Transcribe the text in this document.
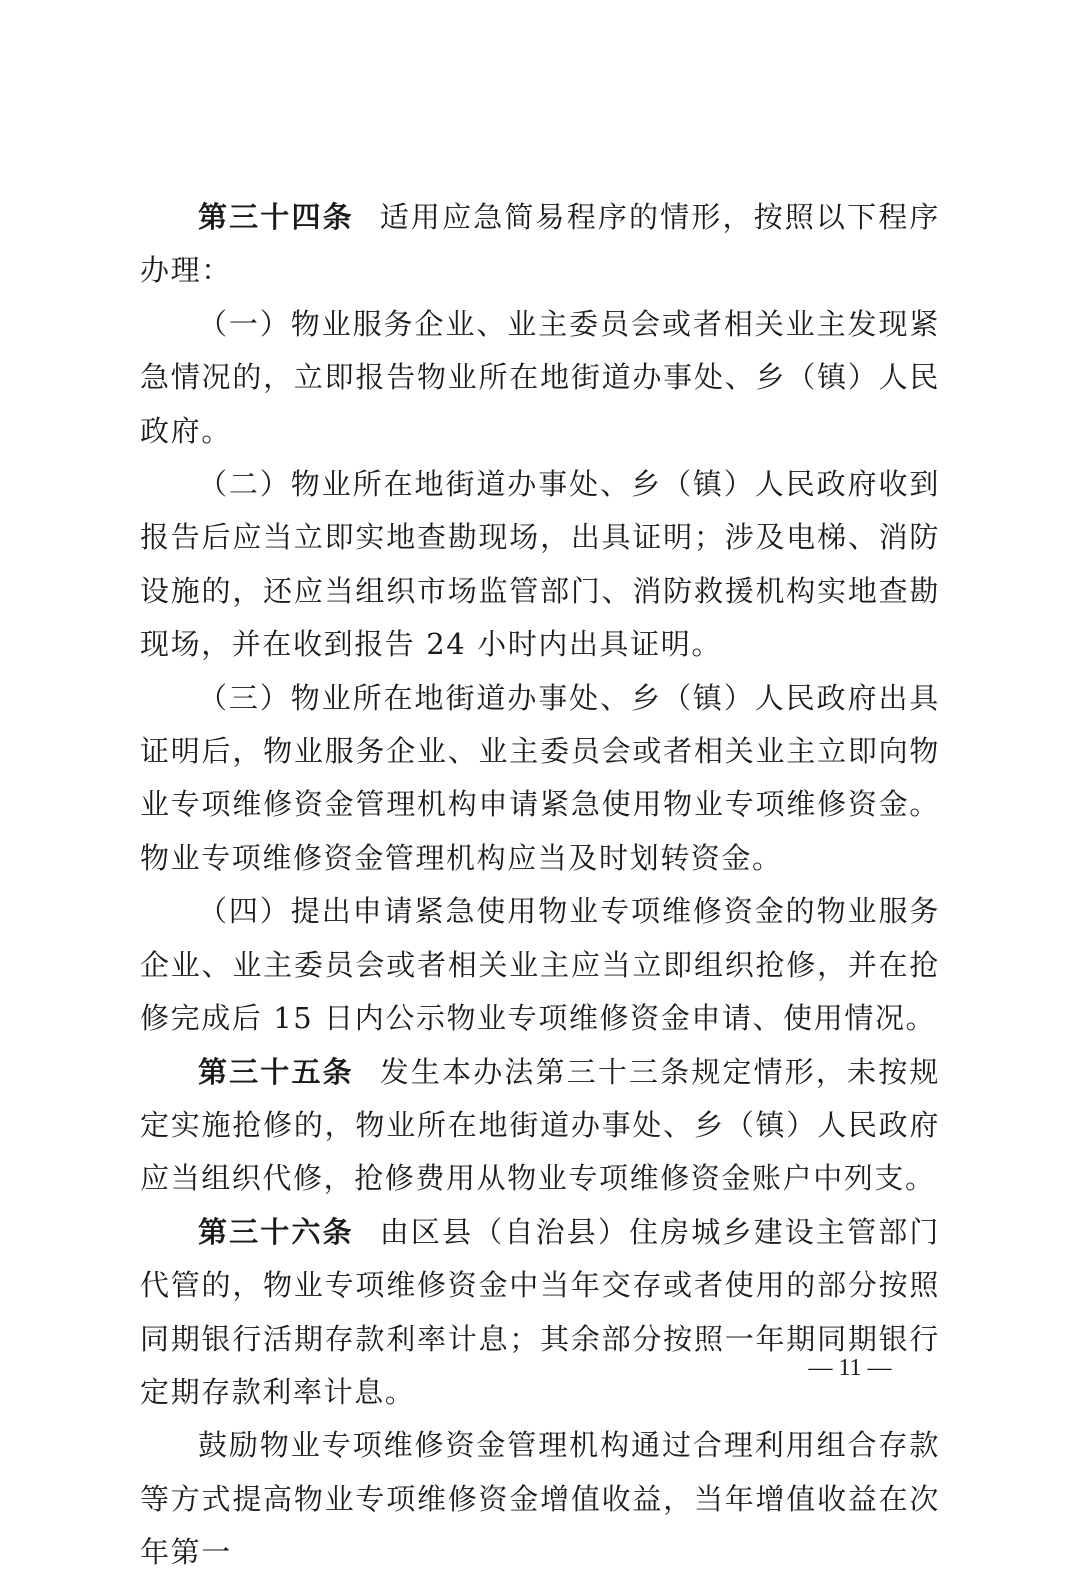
第三十四条 适用应急简易程序的情形，按照以下程序办理：

（一）物业服务企业、业主委员会或者相关业主发现紧急情况的，立即报告物业所在地街道办事处、乡（镇）人民政府。

（二）物业所在地街道办事处、乡（镇）人民政府收到报告后应当立即实地查勘现场，出具证明；涉及电梯、消防设施的，还应当组织市场监管部门、消防救援机构实地查勘现场，并在收到报告 24 小时内出具证明。

（三）物业所在地街道办事处、乡（镇）人民政府出具证明后，物业服务企业、业主委员会或者相关业主立即向物业专项维修资金管理机构申请紧急使用物业专项维修资金。物业专项维修资金管理机构应当及时划转资金。

（四）提出申请紧急使用物业专项维修资金的物业服务企业、业主委员会或者相关业主应当立即组织抢修，并在抢修完成后 15 日内公示物业专项维修资金申请、使用情况。

第三十五条 发生本办法第三十三条规定情形，未按规定实施抢修的，物业所在地街道办事处、乡（镇）人民政府应当组织代修，抢修费用从物业专项维修资金账户中列支。

第三十六条 由区县（自治县）住房城乡建设主管部门代管的，物业专项维修资金中当年交存或者使用的部分按照同期银行活期存款利率计息；其余部分按照一年期同期银行定期存款利率计息。

鼓励物业专项维修资金管理机构通过合理利用组合存款等方式提高物业专项维修资金增值收益，当年增值收益在次年第一

— 11 —
